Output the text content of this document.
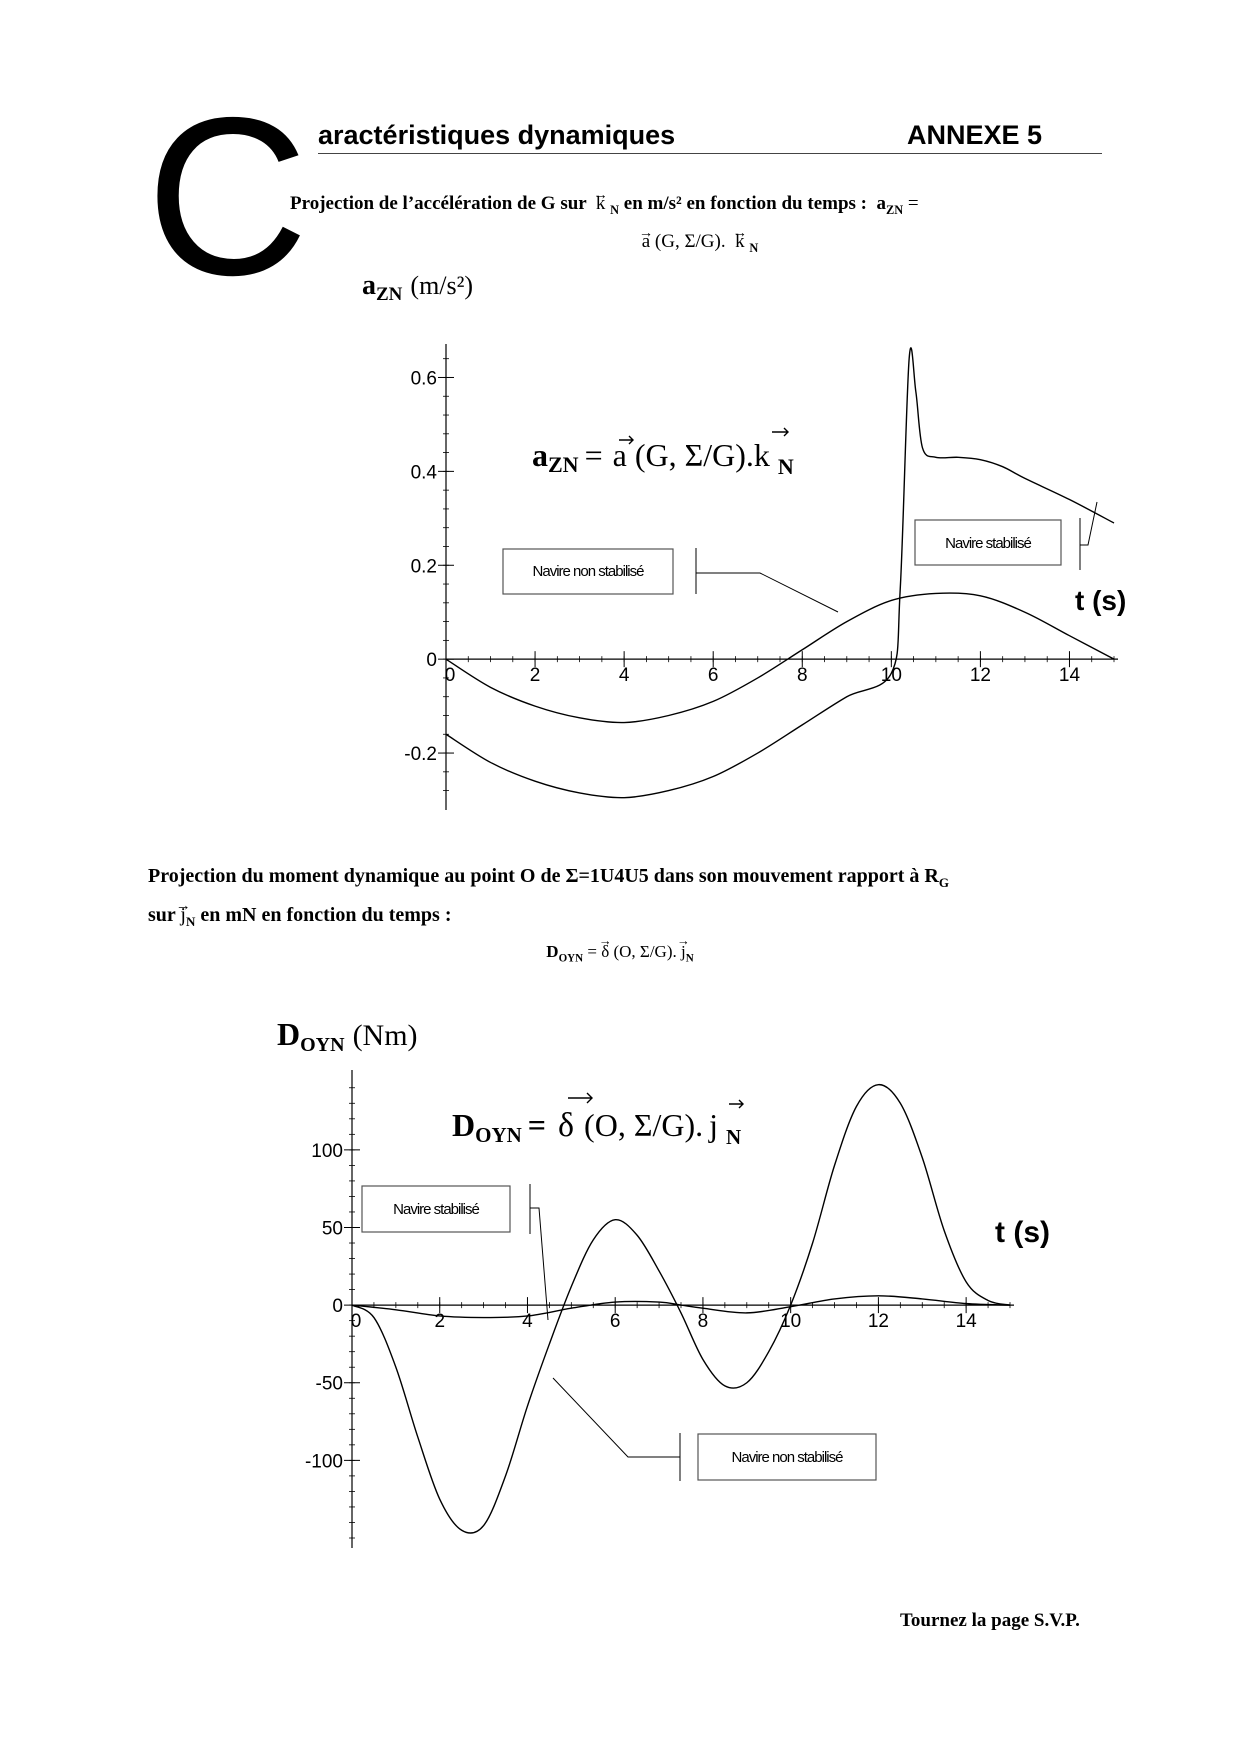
C aractéristiques dynamiques	ANNEXE 5
Projection de l’accélération de G sur → k $_N$ en m/s² en fonction du temps : $a_{ZN}$ =
→ a (G, Σ/G). → k $_N$
$a_{ZN}$ (m/s²)
-0.2
0
0.2
0.4
0.6
0	2	4	6	8	10	12	14
aZN = a (G, Σ/G).k $_N$
t (s)
Navire non stabilisé
Navire stabilisé
Projection du moment dynamique au point O de Σ=1U4U5 dans son mouvement rapport à $R_G$
sur → $j_N$ en mN en fonction du temps :
$D_{OYN}$ = → δ (O, Σ/G). → $j_N$
DOYN (Nm)
-100
-50
0
50
100
0	2	4	6	8	10	12	14
DOYN = δ (O, Σ/G). j $_N$
t (s)
Navire stabilisé
Navire non stabilisé
Tournez la page S.V.P.
